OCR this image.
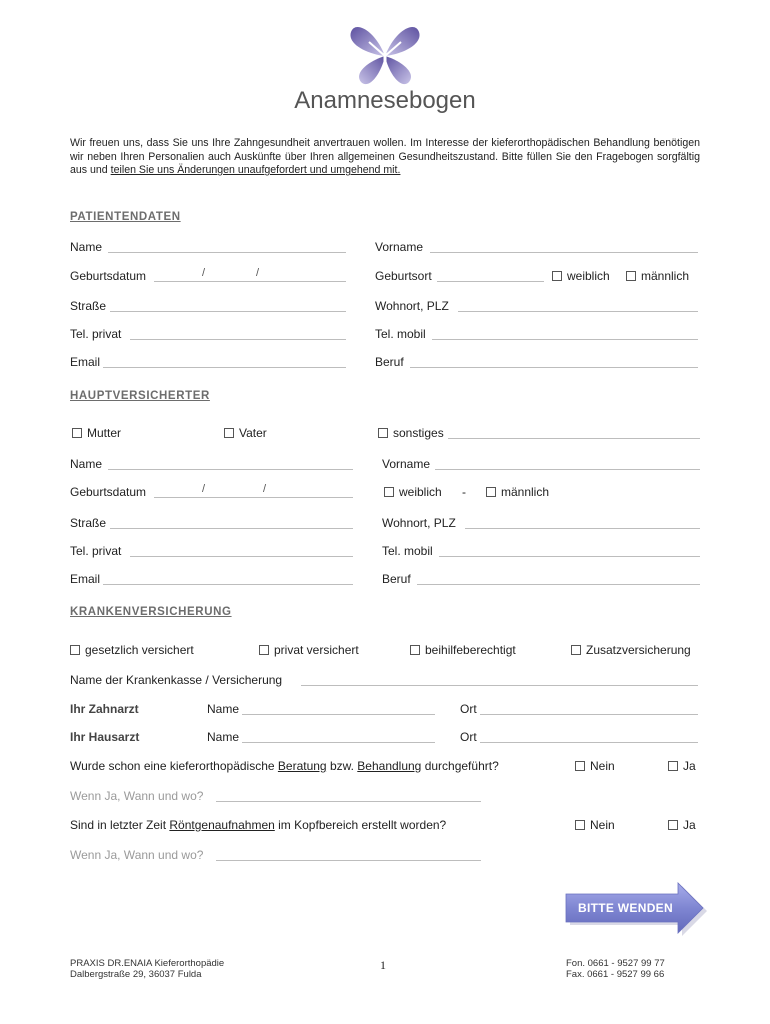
Anamnesebogen
Wir freuen uns, dass Sie uns Ihre Zahngesundheit anvertrauen wollen. Im Interesse der kieferorthopädischen Behandlung benötigen wir neben Ihren Personalien auch Auskünfte über Ihren allgemeinen Gesundheitszustand. Bitte füllen Sie den Fragebogen sorgfältig aus und teilen Sie uns Änderungen unaufgefordert und umgehend mit.
PATIENTENDATEN
Name	Vorname
Geburtsdatum	/	/	Geburtsort	weiblich	männlich
Straße	Wohnort, PLZ
Tel. privat	Tel. mobil
Email	Beruf
HAUPTVERSICHERTER
Mutter	Vater	sonstiges
Name	Vorname
Geburtsdatum	/	/	weiblich -	männlich
Straße	Wohnort, PLZ
Tel. privat	Tel. mobil
Email	Beruf
KRANKENVERSICHERUNG
gesetzlich versichert	privat versichert	beihilfeberechtigt	Zusatzversicherung
Name der Krankenkasse / Versicherung
Ihr Zahnarzt	Name	Ort
Ihr Hausarzt	Name	Ort
Wurde schon eine kieferorthopädische Beratung bzw. Behandlung durchgeführt?	Nein	Ja
Wenn Ja, Wann und wo?
Sind in letzter Zeit Röntgenaufnahmen im Kopfbereich erstellt worden?	Nein	Ja
Wenn Ja, Wann und wo?
BITTE WENDEN
PRAXIS DR.ENAIA Kieferorthopädie
Dalbergstraße 29, 36037 Fulda
1	Fon. 0661 - 9527 99 77
Fax. 0661 - 9527 99 66
